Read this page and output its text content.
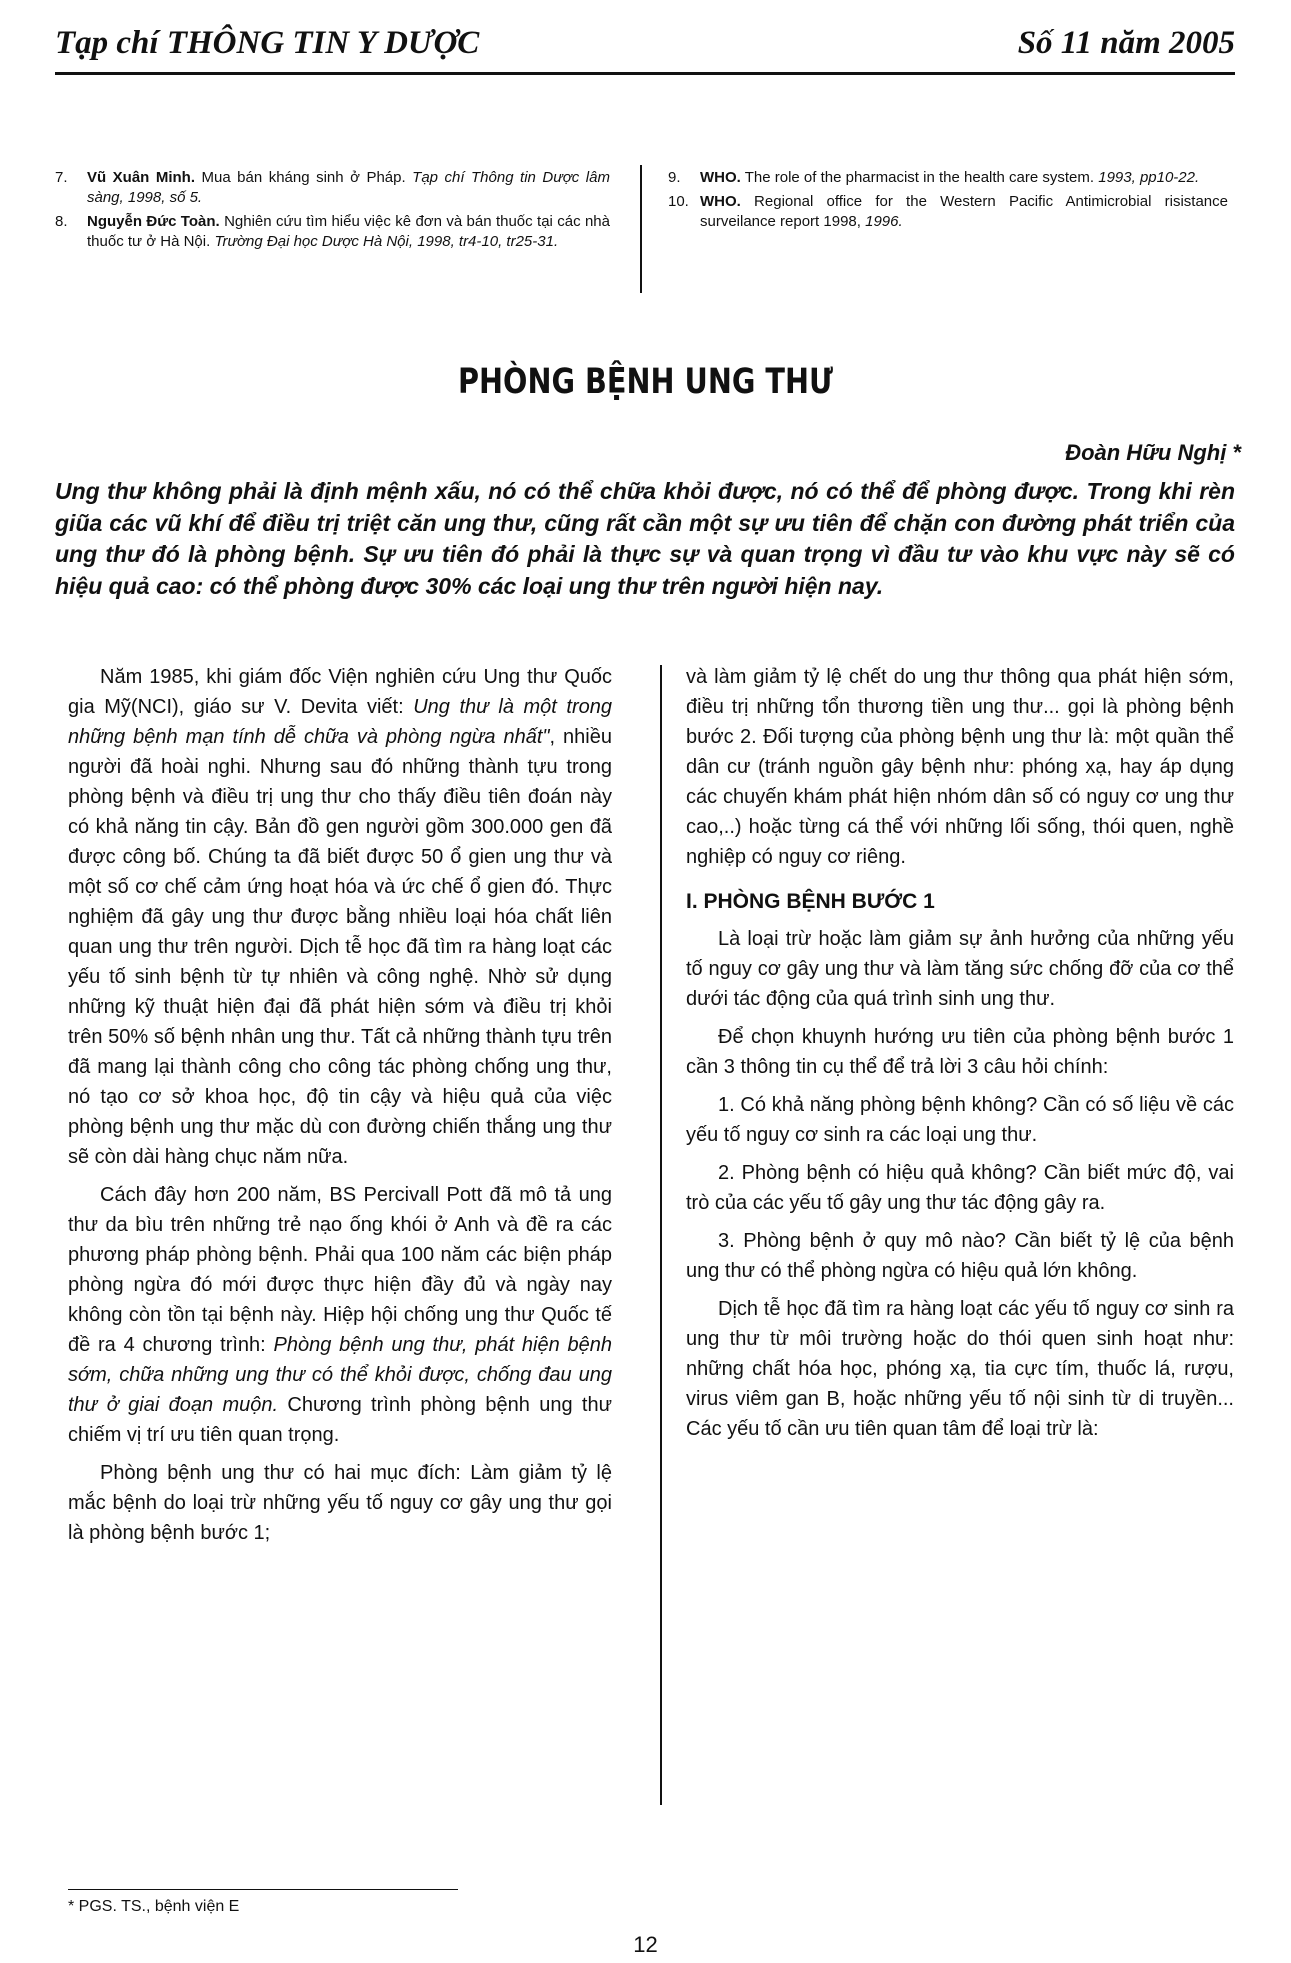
Tạp chí THÔNG TIN Y DƯỢC	Số 11 năm 2005
7.	Vũ Xuân Minh. Mua bán kháng sinh ở Pháp. Tạp chí Thông tin Dược lâm sàng, 1998, số 5.
8.	Nguyễn Đức Toàn. Nghiên cứu tìm hiểu việc kê đơn và bán thuốc tại các nhà thuốc tư ở Hà Nội. Trường Đại học Dược Hà Nội, 1998, tr4-10, tr25-31.
9.	WHO. The role of the pharmacist in the health care system. 1993, pp10-22.
10. WHO. Regional office for the Western Pacific Antimicrobial risistance surveilance report 1998, 1996.
PHÒNG BỆNH UNG THƯ
Đoàn Hữu Nghị *
Ung thư không phải là định mệnh xấu, nó có thể chữa khỏi được, nó có thể để phòng được. Trong khi rèn giũa các vũ khí để điều trị triệt căn ung thư, cũng rất cần một sự ưu tiên để chặn con đường phát triển của ung thư đó là phòng bệnh. Sự ưu tiên đó phải là thực sự và quan trọng vì đầu tư vào khu vực này sẽ có hiệu quả cao: có thể phòng được 30% các loại ung thư trên người hiện nay.

Năm 1985, khi giám đốc Viện nghiên cứu Ung thư Quốc gia Mỹ(NCI), giáo sư V. Devita viết: Ung thư là một trong những bệnh mạn tính dễ chữa và phòng ngừa nhất", nhiều người đã hoài nghi. Nhưng sau đó những thành tựu trong phòng bệnh và điều trị ung thư cho thấy điều tiên đoán này có khả năng tin cậy. Bản đồ gen người gồm 300.000 gen đã được công bố. Chúng ta đã biết được 50 ổ gien ung thư và một số cơ chế cảm ứng hoạt hóa và ức chế ổ gien đó. Thực nghiệm đã gây ung thư được bằng nhiều loại hóa chất liên quan ung thư trên người. Dịch tễ học đã tìm ra hàng loạt các yếu tố sinh bệnh từ tự nhiên và công nghệ. Nhờ sử dụng những kỹ thuật hiện đại đã phát hiện sớm và điều trị khỏi trên 50% số bệnh nhân ung thư. Tất cả những thành tựu trên đã mang lại thành công cho công tác phòng chống ung thư, nó tạo cơ sở khoa học, độ tin cậy và hiệu quả của việc phòng bệnh ung thư mặc dù con đường chiến thắng ung thư sẽ còn dài hàng chục năm nữa.

Cách đây hơn 200 năm, BS Percivall Pott đã mô tả ung thư da bìu trên những trẻ nạo ống khói ở Anh và đề ra các phương pháp phòng bệnh. Phải qua 100 năm các biện pháp phòng ngừa đó mới được thực hiện đầy đủ và ngày nay không còn tồn tại bệnh này. Hiệp hội chống ung thư Quốc tế đề ra 4 chương trình: Phòng bệnh ung thư, phát hiện bệnh sớm, chữa những ung thư có thể khỏi được, chống đau ung thư ở giai đoạn muộn. Chương trình phòng bệnh ung thư chiếm vị trí ưu tiên quan trọng.

Phòng bệnh ung thư có hai mục đích: Làm giảm tỷ lệ mắc bệnh do loại trừ những yếu tố nguy cơ gây ung thư gọi là phòng bệnh bước 1;

và làm giảm tỷ lệ chết do ung thư thông qua phát hiện sớm, điều trị những tổn thương tiền ung thư... gọi là phòng bệnh bước 2. Đối tượng của phòng bệnh ung thư là: một quần thể dân cư (tránh nguồn gây bệnh như: phóng xạ, hay áp dụng các chuyến khám phát hiện nhóm dân số có nguy cơ ung thư cao,..) hoặc từng cá thể với những lối sống, thói quen, nghề nghiệp có nguy cơ riêng.

I. PHÒNG BỆNH BƯỚC 1

Là loại trừ hoặc làm giảm sự ảnh hưởng của những yếu tố nguy cơ gây ung thư và làm tăng sức chống đỡ của cơ thể dưới tác động của quá trình sinh ung thư.

Để chọn khuynh hướng ưu tiên của phòng bệnh bước 1 cần 3 thông tin cụ thể để trả lời 3 câu hỏi chính:

1. Có khả năng phòng bệnh không? Cần có số liệu về các yếu tố nguy cơ sinh ra các loại ung thư.

2. Phòng bệnh có hiệu quả không? Cần biết mức độ, vai trò của các yếu tố gây ung thư tác động gây ra.

3. Phòng bệnh ở quy mô nào? Cần biết tỷ lệ của bệnh ung thư có thể phòng ngừa có hiệu quả lớn không.

Dịch tễ học đã tìm ra hàng loạt các yếu tố nguy cơ sinh ra ung thư từ môi trường hoặc do thói quen sinh hoạt như: những chất hóa học, phóng xạ, tia cực tím, thuốc lá, rượu, virus viêm gan B, hoặc những yếu tố nội sinh từ di truyền... Các yếu tố cần ưu tiên quan tâm để loại trừ là:

* PGS. TS., bệnh viện E
12
